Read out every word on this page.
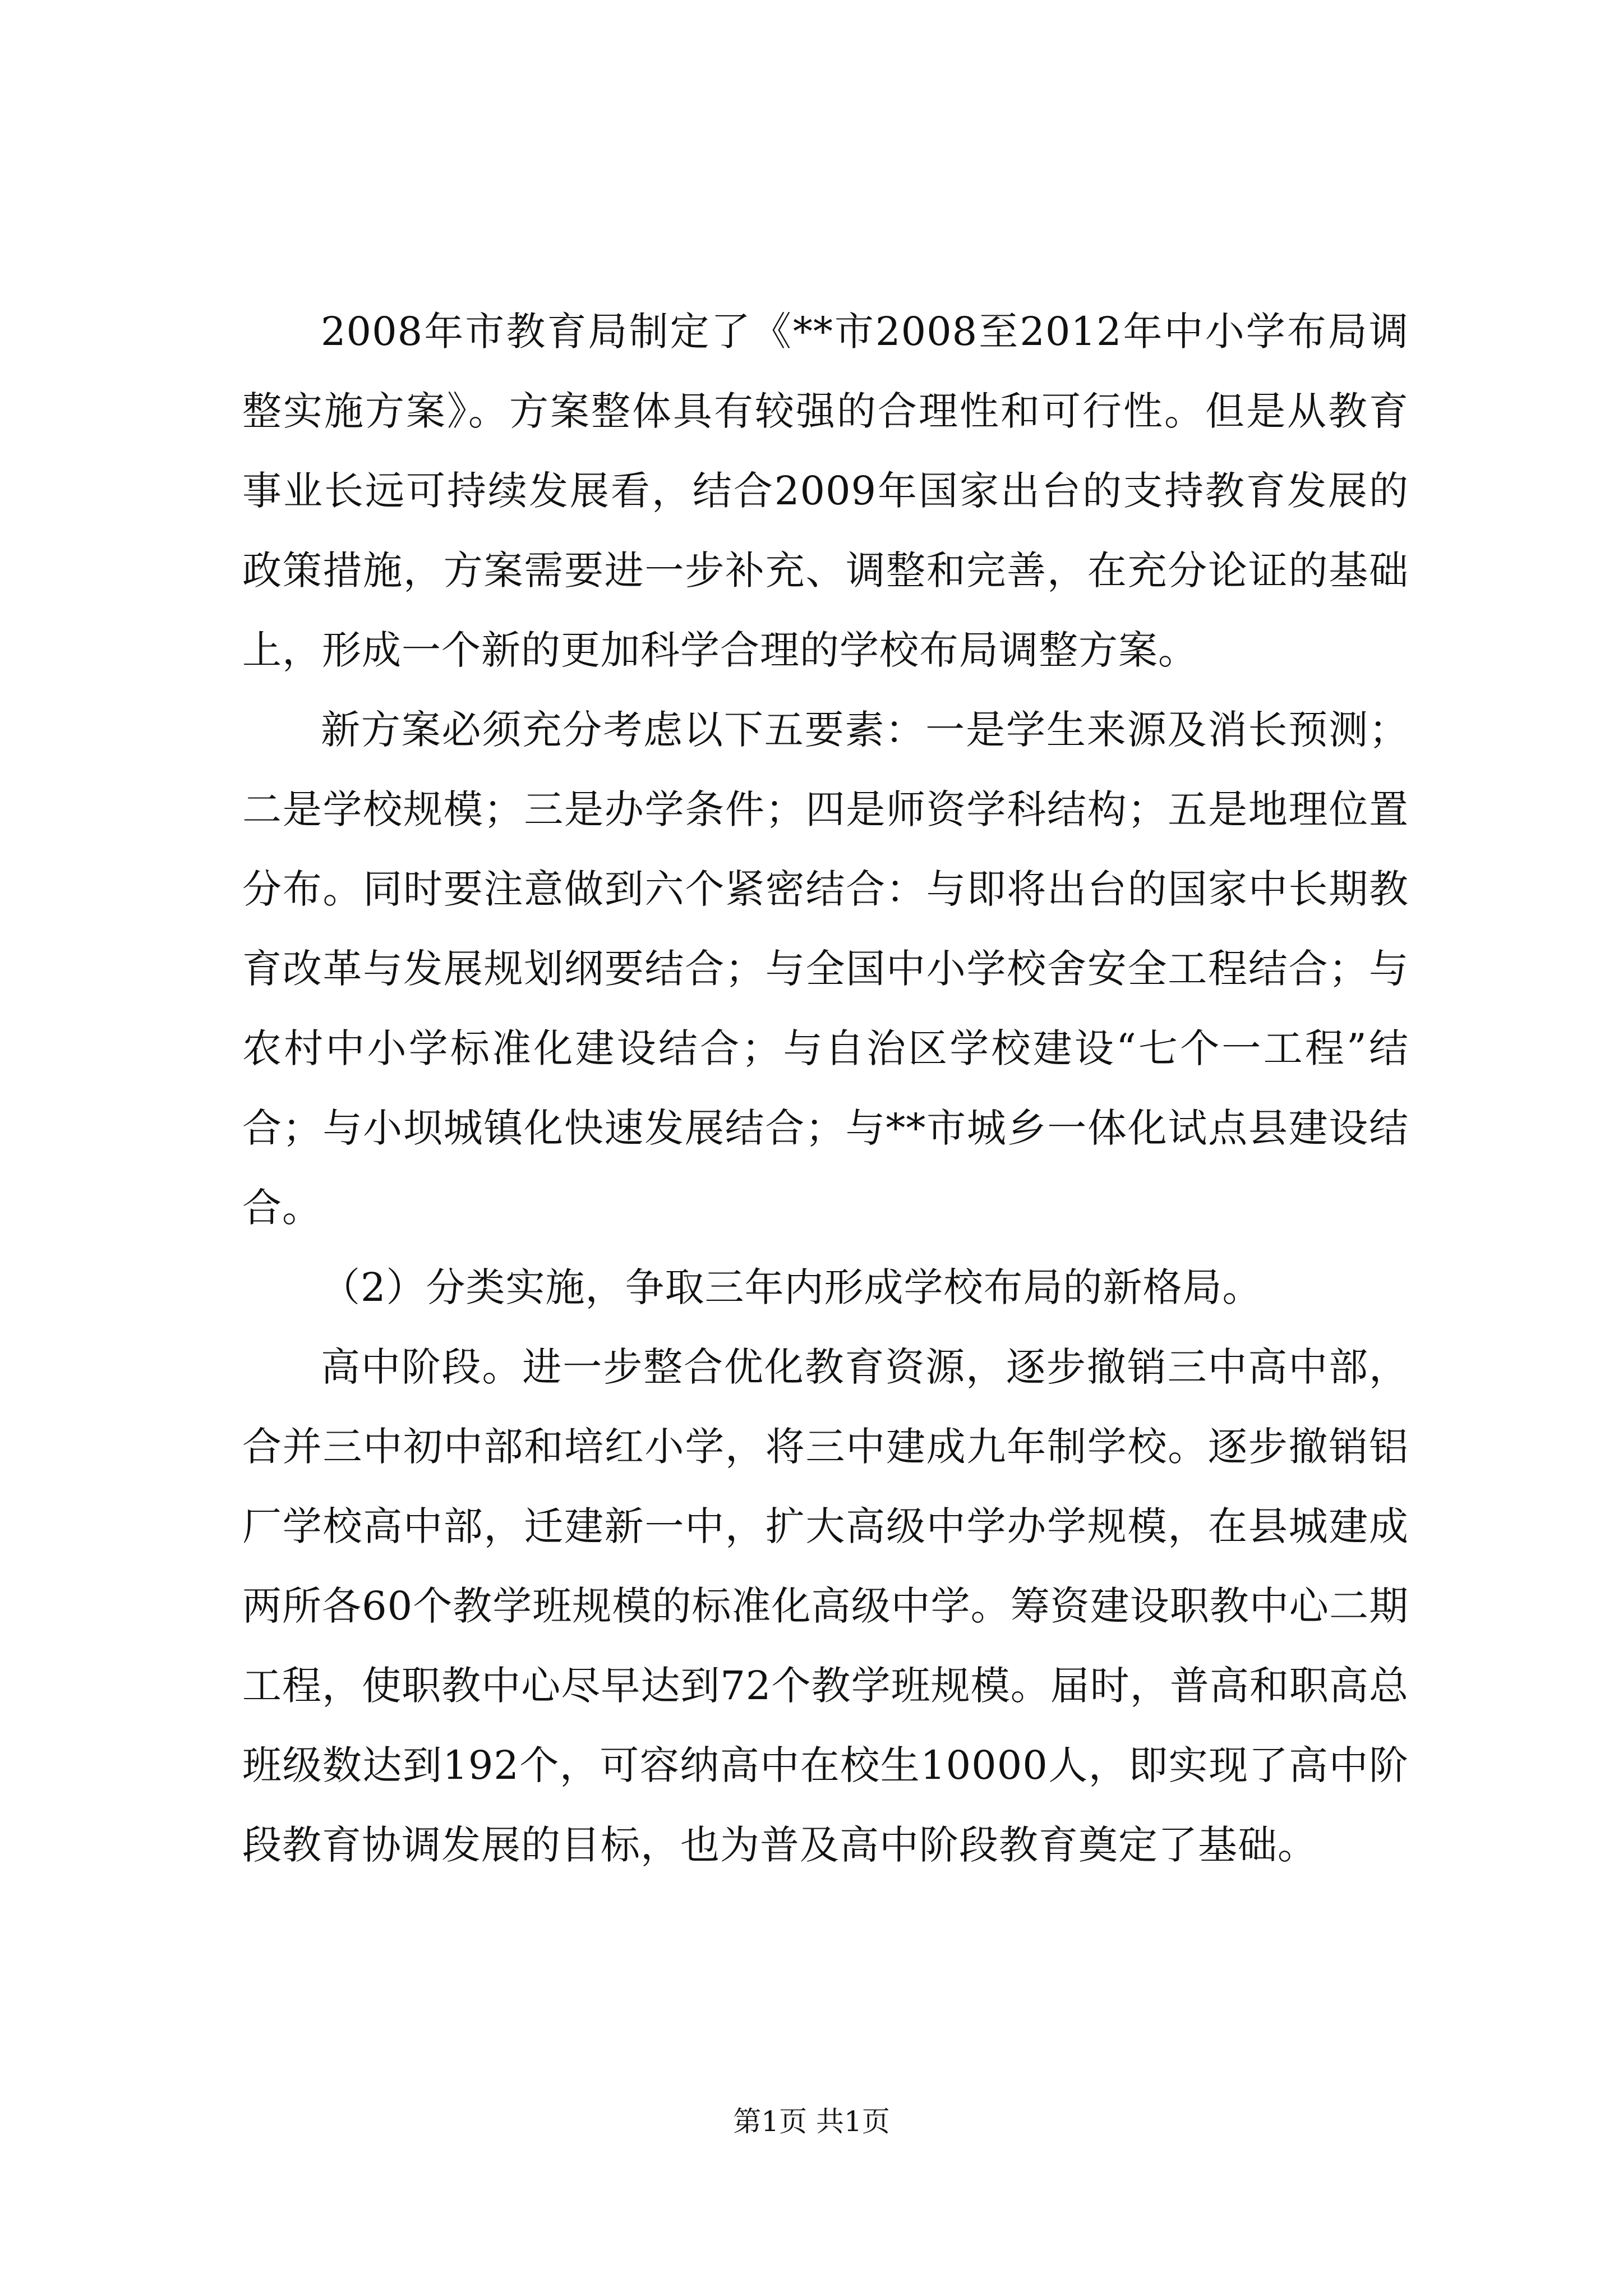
2008年市教育局制定了《**市2008至2012年中小学布局调整实施方案》。方案整体具有较强的合理性和可行性。但是从教育事业长远可持续发展看，结合2009年国家出台的支持教育发展的政策措施，方案需要进一步补充、调整和完善，在充分论证的基础上，形成一个新的更加科学合理的学校布局调整方案。

新方案必须充分考虑以下五要素：一是学生来源及消长预测；二是学校规模；三是办学条件；四是师资学科结构；五是地理位置分布。同时要注意做到六个紧密结合：与即将出台的国家中长期教育改革与发展规划纲要结合；与全国中小学校舍安全工程结合；与农村中小学标准化建设结合；与自治区学校建设“七个一工程”结合；与小坝城镇化快速发展结合；与**市城乡一体化试点县建设结合。

（2）分类实施，争取三年内形成学校布局的新格局。

高中阶段。进一步整合优化教育资源，逐步撤销三中高中部，合并三中初中部和培红小学，将三中建成九年制学校。逐步撤销铝厂学校高中部，迁建新一中，扩大高级中学办学规模，在县城建成两所各60个教学班规模的标准化高级中学。筹资建设职教中心二期工程，使职教中心尽早达到72个教学班规模。届时，普高和职高总班级数达到192个，可容纳高中在校生10000人，即实现了高中阶段教育协调发展的目标，也为普及高中阶段教育奠定了基础。

第1页 共1页
